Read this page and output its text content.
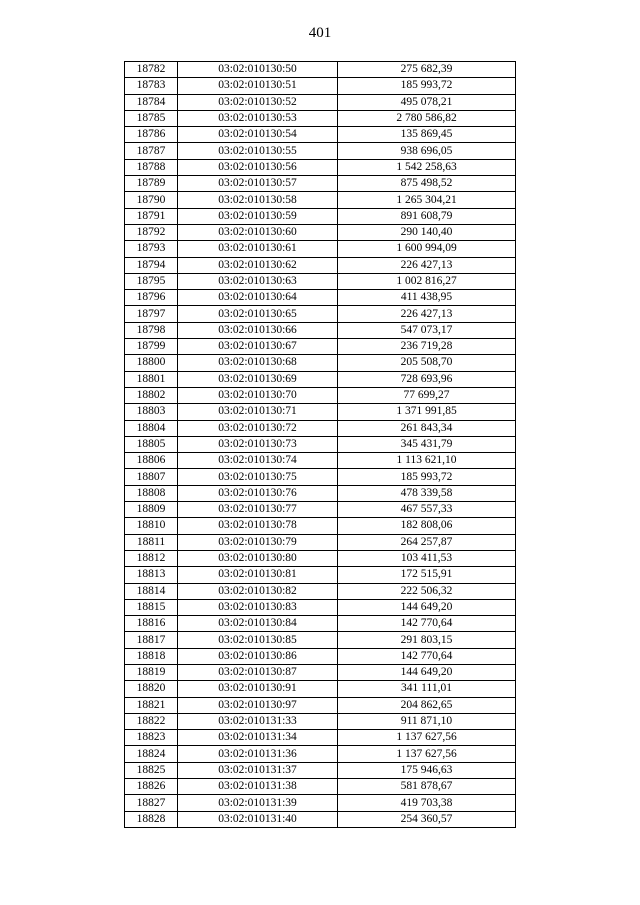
401
18782	03:02:010130:50	275 682,39
18783	03:02:010130:51	185 993,72
18784	03:02:010130:52	495 078,21
18785	03:02:010130:53	2 780 586,82
18786	03:02:010130:54	135 869,45
18787	03:02:010130:55	938 696,05
18788	03:02:010130:56	1 542 258,63
18789	03:02:010130:57	875 498,52
18790	03:02:010130:58	1 265 304,21
18791	03:02:010130:59	891 608,79
18792	03:02:010130:60	290 140,40
18793	03:02:010130:61	1 600 994,09
18794	03:02:010130:62	226 427,13
18795	03:02:010130:63	1 002 816,27
18796	03:02:010130:64	411 438,95
18797	03:02:010130:65	226 427,13
18798	03:02:010130:66	547 073,17
18799	03:02:010130:67	236 719,28
18800	03:02:010130:68	205 508,70
18801	03:02:010130:69	728 693,96
18802	03:02:010130:70	77 699,27
18803	03:02:010130:71	1 371 991,85
18804	03:02:010130:72	261 843,34
18805	03:02:010130:73	345 431,79
18806	03:02:010130:74	1 113 621,10
18807	03:02:010130:75	185 993,72
18808	03:02:010130:76	478 339,58
18809	03:02:010130:77	467 557,33
18810	03:02:010130:78	182 808,06
18811	03:02:010130:79	264 257,87
18812	03:02:010130:80	103 411,53
18813	03:02:010130:81	172 515,91
18814	03:02:010130:82	222 506,32
18815	03:02:010130:83	144 649,20
18816	03:02:010130:84	142 770,64
18817	03:02:010130:85	291 803,15
18818	03:02:010130:86	142 770,64
18819	03:02:010130:87	144 649,20
18820	03:02:010130:91	341 111,01
18821	03:02:010130:97	204 862,65
18822	03:02:010131:33	911 871,10
18823	03:02:010131:34	1 137 627,56
18824	03:02:010131:36	1 137 627,56
18825	03:02:010131:37	175 946,63
18826	03:02:010131:38	581 878,67
18827	03:02:010131:39	419 703,38
18828	03:02:010131:40	254 360,57
